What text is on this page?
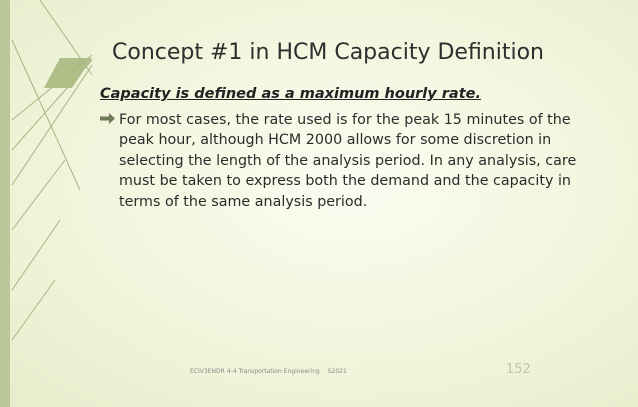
Concept #1 in HCM Capacity Definition

Capacity is defined as a maximum hourly rate.

For most cases, the rate used is for the peak 15 minutes of the peak hour, although HCM 2000 allows for some discretion in selecting the length of the analysis period. In any analysis, care must be taken to express both the demand and the capacity in terms of the same analysis period.

ECIV3ENDR 4-4 Transportation Engineering S2021	152
